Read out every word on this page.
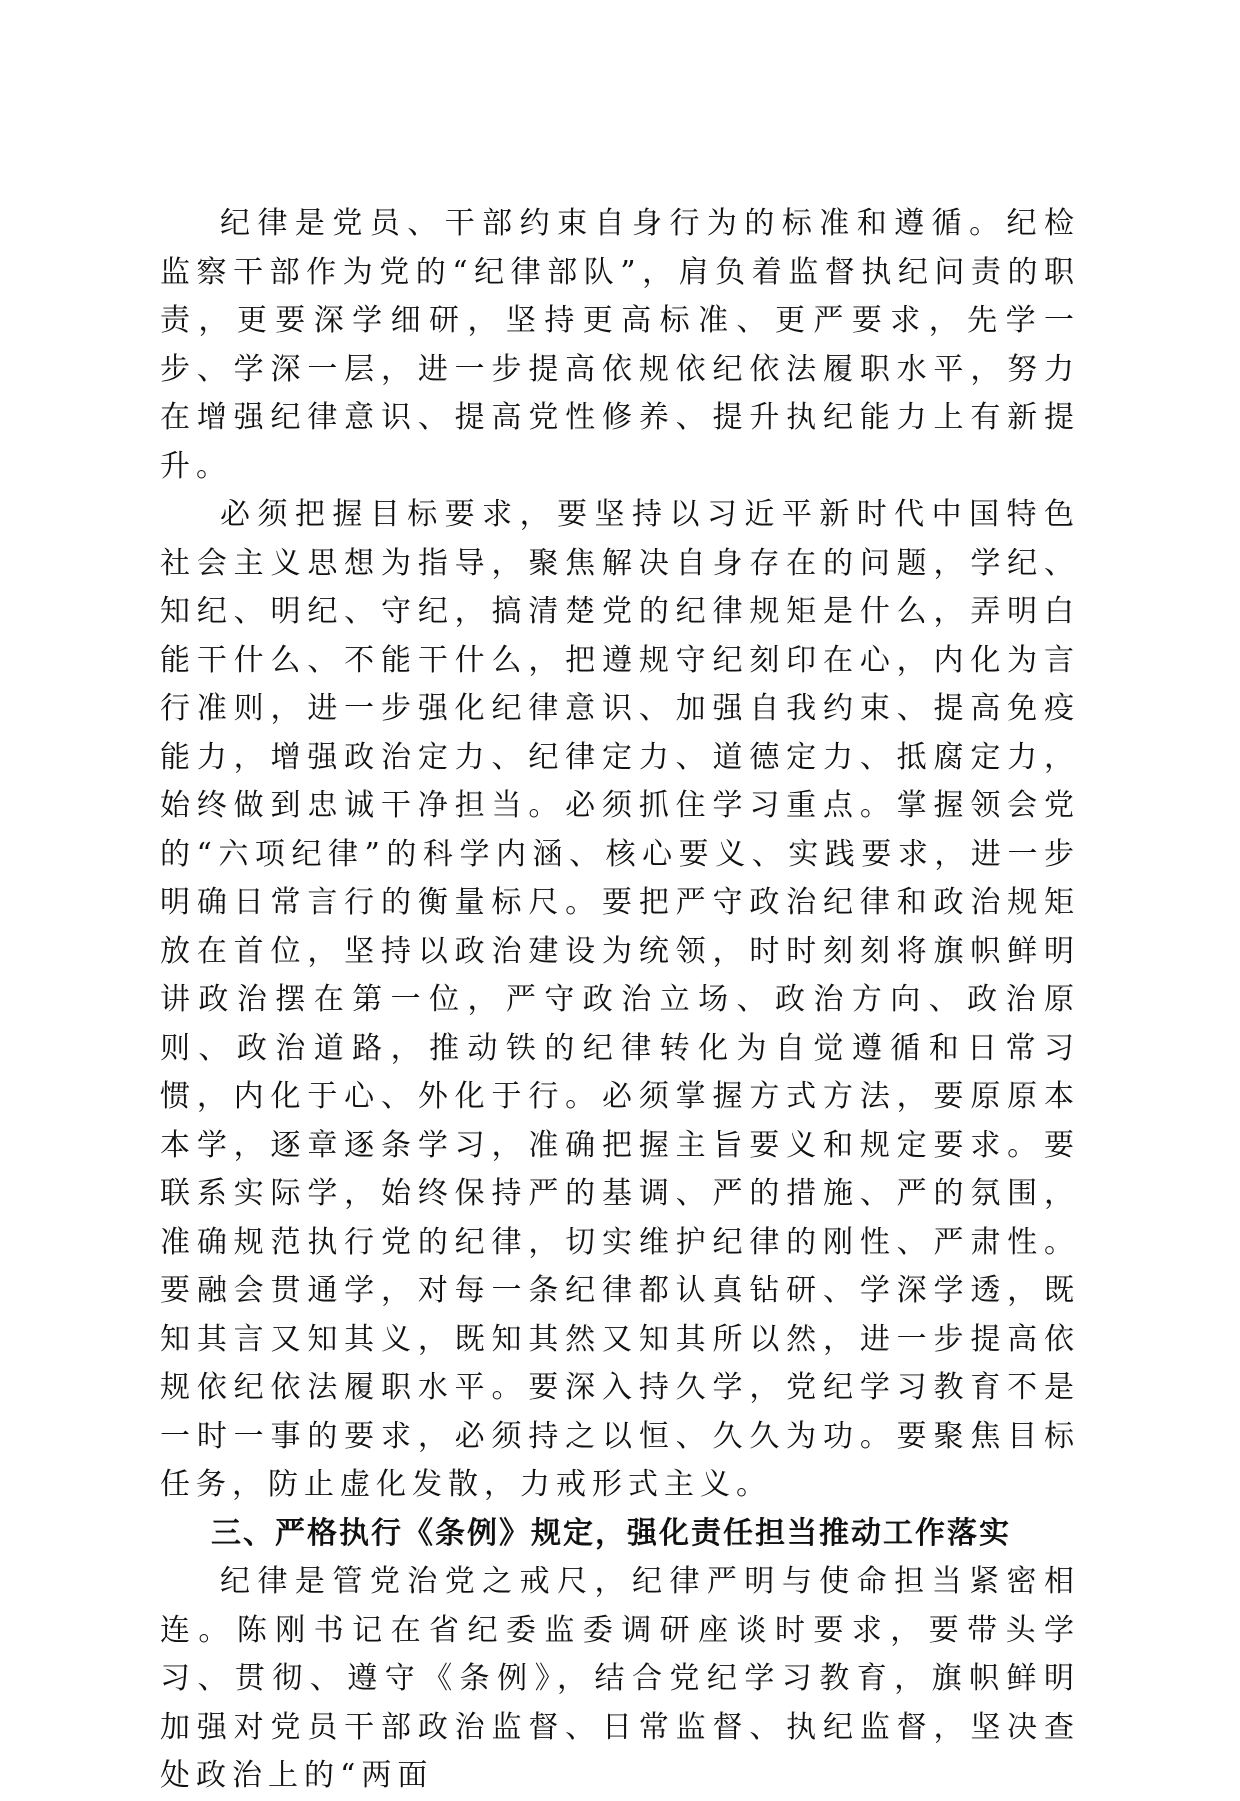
纪律是党员、干部约束自身行为的标准和遵循。纪检监察干部作为党的“纪律部队”，肩负着监督执纪问责的职责，更要深学细研，坚持更高标准、更严要求，先学一步、学深一层，进一步提高依规依纪依法履职水平，努力在增强纪律意识、提高党性修养、提升执纪能力上有新提升。

必须把握目标要求，要坚持以习近平新时代中国特色社会主义思想为指导，聚焦解决自身存在的问题，学纪、知纪、明纪、守纪，搞清楚党的纪律规矩是什么，弄明白能干什么、不能干什么，把遵规守纪刻印在心，内化为言行准则，进一步强化纪律意识、加强自我约束、提高免疫能力，增强政治定力、纪律定力、道德定力、抵腐定力，始终做到忠诚干净担当。必须抓住学习重点。掌握领会党的“六项纪律”的科学内涵、核心要义、实践要求，进一步明确日常言行的衡量标尺。要把严守政治纪律和政治规矩放在首位，坚持以政治建设为统领，时时刻刻将旗帜鲜明讲政治摆在第一位，严守政治立场、政治方向、政治原则、政治道路，推动铁的纪律转化为自觉遵循和日常习惯，内化于心、外化于行。必须掌握方式方法，要原原本本学，逐章逐条学习，准确把握主旨要义和规定要求。要联系实际学，始终保持严的基调、严的措施、严的氛围，准确规范执行党的纪律，切实维护纪律的刚性、严肃性。要融会贯通学，对每一条纪律都认真钻研、学深学透，既知其言又知其义，既知其然又知其所以然，进一步提高依规依纪依法履职水平。要深入持久学，党纪学习教育不是一时一事的要求，必须持之以恒、久久为功。要聚焦目标任务，防止虚化发散，力戒形式主义。

三、严格执行《条例》规定，强化责任担当推动工作落实

纪律是管党治党之戒尺，纪律严明与使命担当紧密相连。陈刚书记在省纪委监委调研座谈时要求，要带头学习、贯彻、遵守《条例》，结合党纪学习教育，旗帜鲜明加强对党员干部政治监督、日常监督、执纪监督，坚决查处政治上的“两面
